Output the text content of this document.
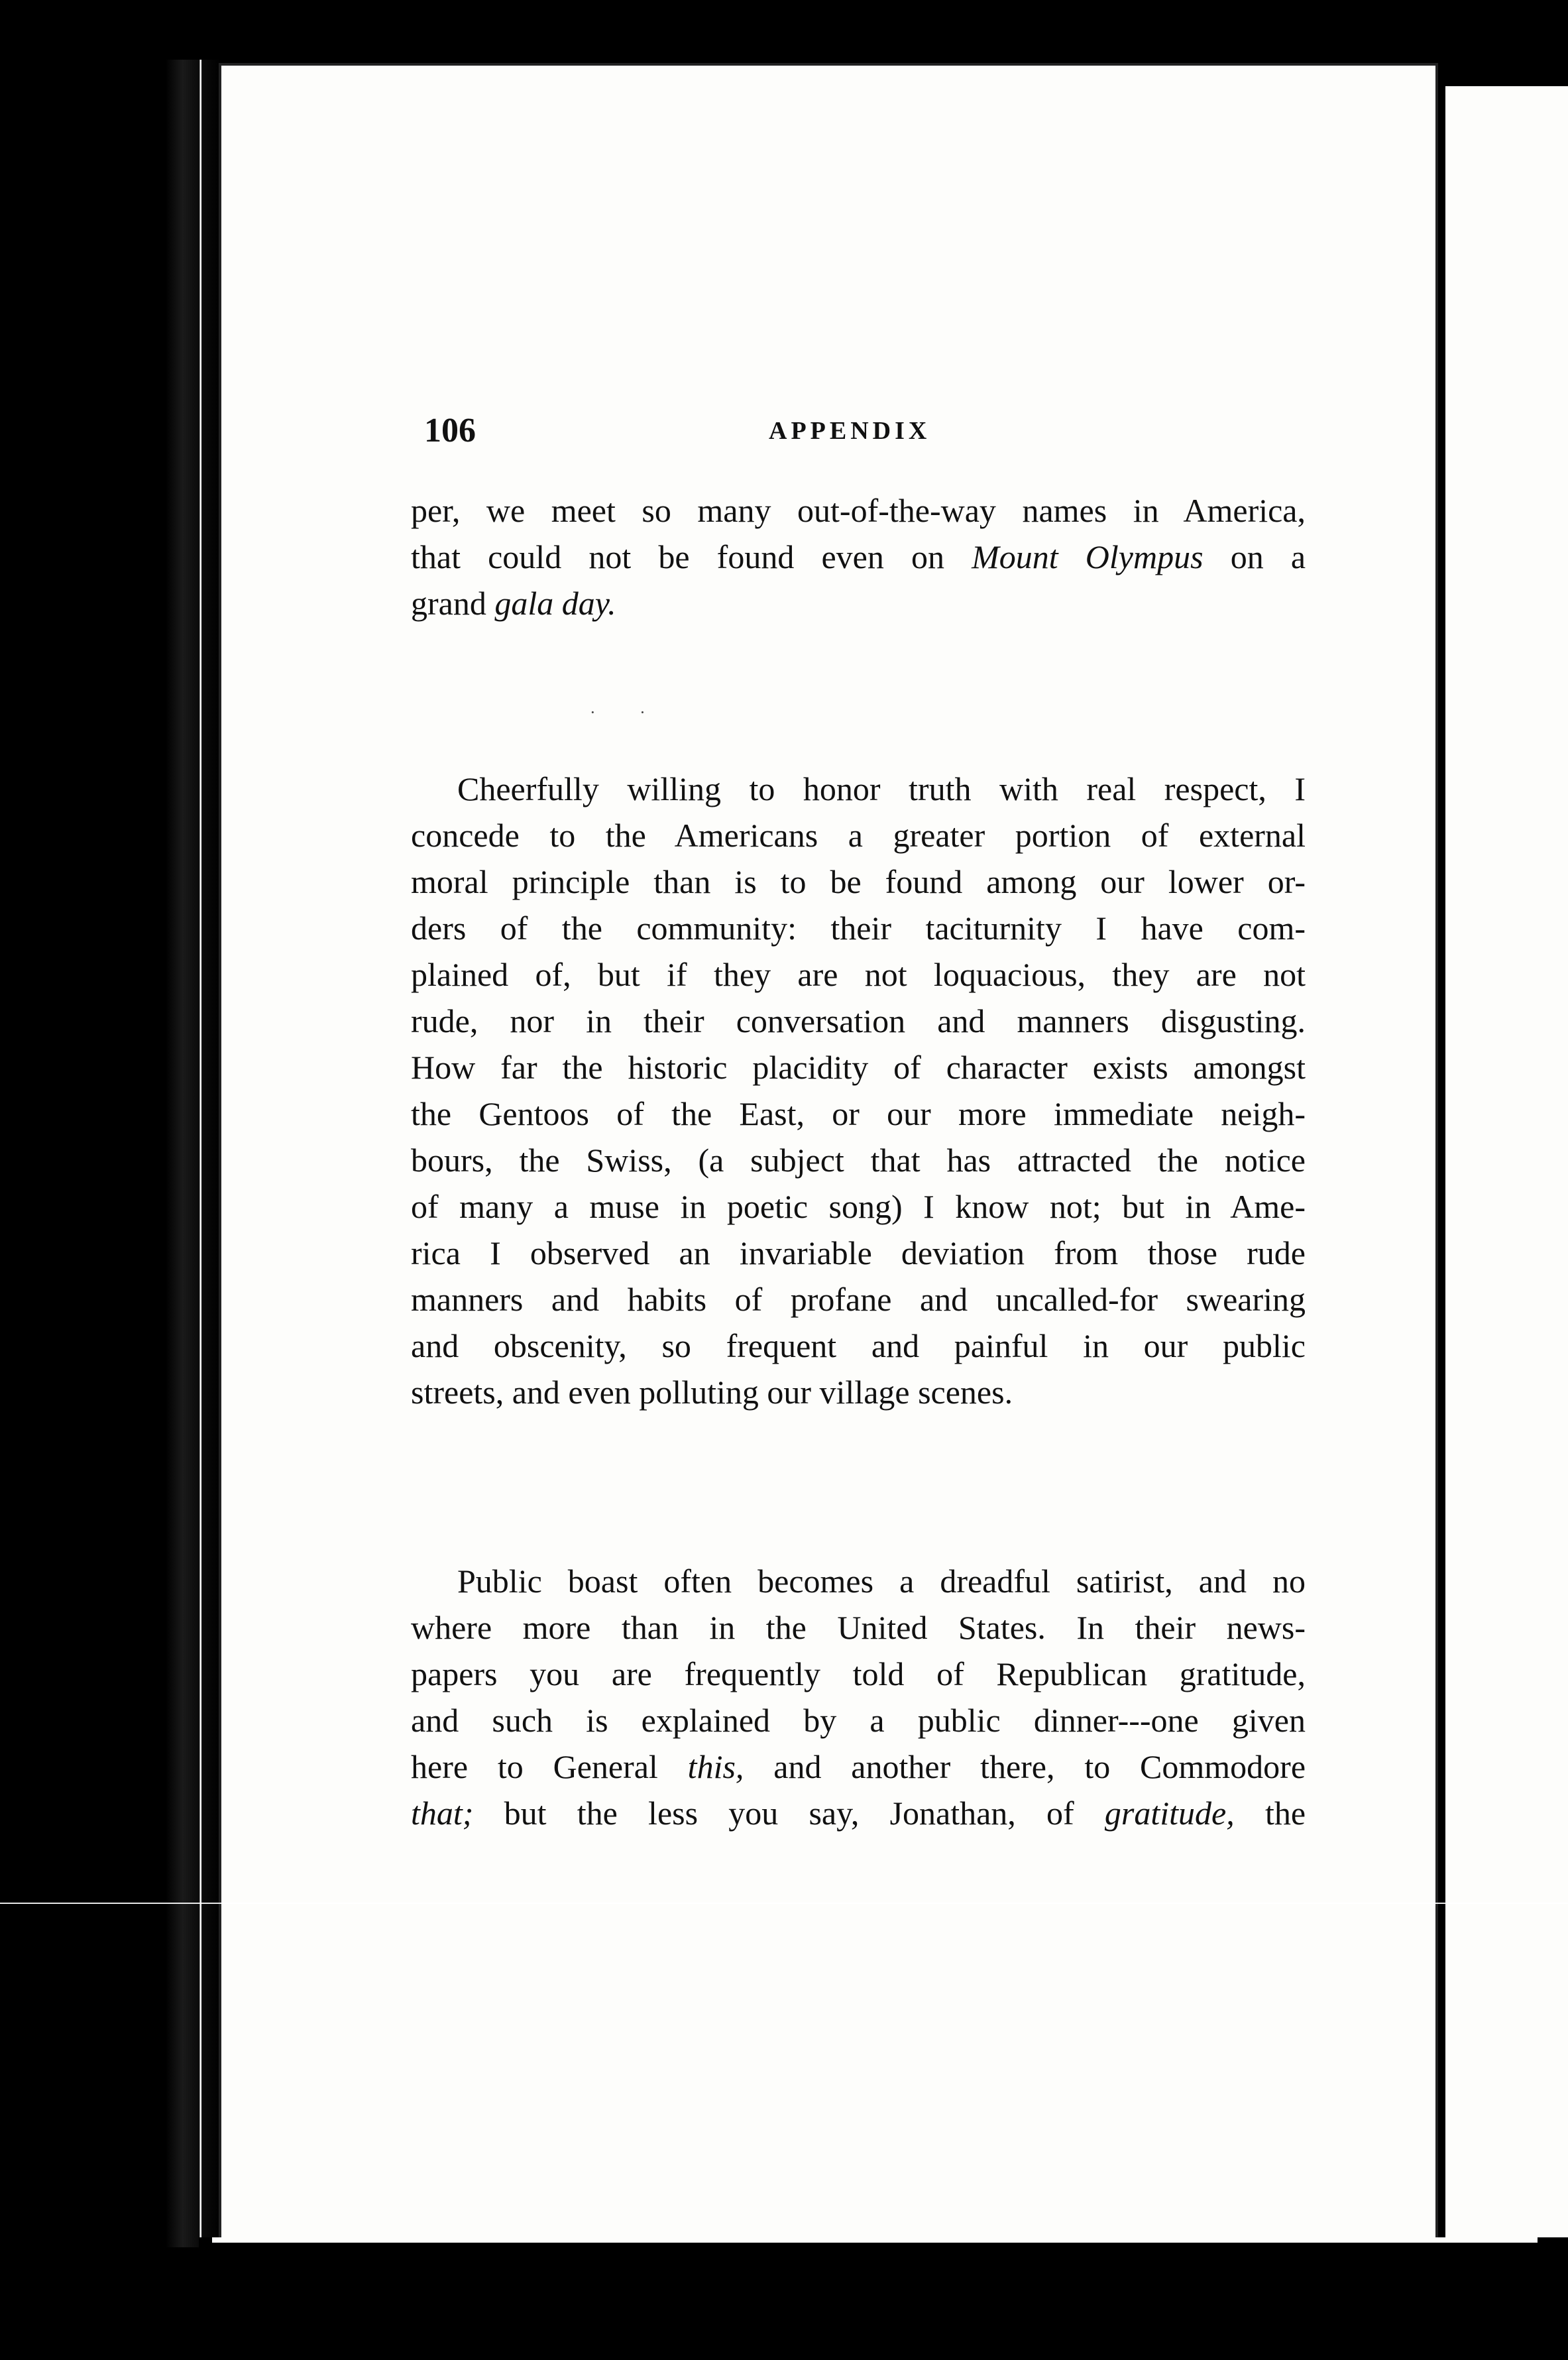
106	APPENDIX
per, we meet so many out-of-the-way names in America,
that could not be found even on Mount Olympus on a
grand gala day.
· ·
Cheerfully willing to honor truth with real respect, I
concede to the Americans a greater portion of external
moral principle than is to be found among our lower or-
ders of the community: their taciturnity I have com-
plained of, but if they are not loquacious, they are not
rude, nor in their conversation and manners disgusting.
How far the historic placidity of character exists amongst
the Gentoos of the East, or our more immediate neigh-
bours, the Swiss, (a subject that has attracted the notice
of many a muse in poetic song) I know not; but in Ame-
rica I observed an invariable deviation from those rude
manners and habits of profane and uncalled-for swearing
and obscenity, so frequent and painful in our public
streets, and even polluting our village scenes.
Public boast often becomes a dreadful satirist, and no
where more than in the United States. In their news-
papers you are frequently told of Republican gratitude,
and such is explained by a public dinner---one given
here to General this, and another there, to Commodore
that; but the less you say, Jonathan, of gratitude, the
